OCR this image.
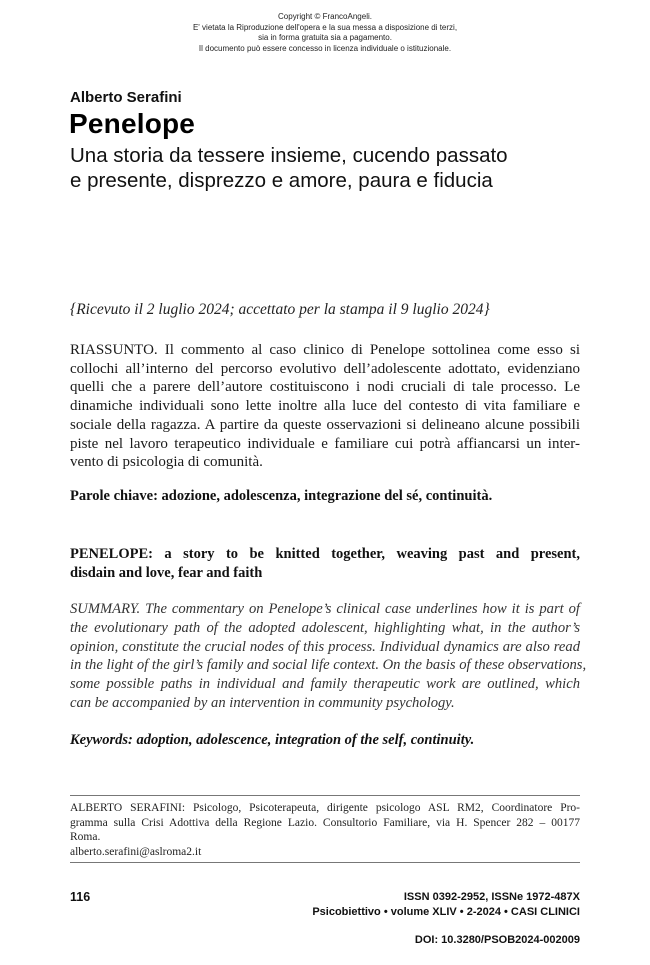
Copyright © FrancoAngeli.
E' vietata la Riproduzione dell'opera e la sua messa a disposizione di terzi,
sia in forma gratuita sia a pagamento.
Il documento può essere concesso in licenza individuale o istituzionale.
Alberto Serafini
Penelope
Una storia da tessere insieme, cucendo passato
e presente, disprezzo e amore, paura e fiducia
{Ricevuto il 2 luglio 2024; accettato per la stampa il 9 luglio 2024}
RIASSUNTO. Il commento al caso clinico di Penelope sottolinea come esso si
collochi all’interno del percorso evolutivo dell’adolescente adottato, evidenziano
quelli che a parere dell’autore costituiscono i nodi cruciali di tale processo. Le
dinamiche individuali sono lette inoltre alla luce del contesto di vita familiare e
sociale della ragazza. A partire da queste osservazioni si delineano alcune possibili
piste nel lavoro terapeutico individuale e familiare cui potrà affiancarsi un inter-
vento di psicologia di comunità.
Parole chiave: adozione, adolescenza, integrazione del sé, continuità.
PENELOPE: a story to be knitted together, weaving past and present,
disdain and love, fear and faith
SUMMARY. The commentary on Penelope’s clinical case underlines how it is part of
the evolutionary path of the adopted adolescent, highlighting what, in the author’s
opinion, constitute the crucial nodes of this process. Individual dynamics are also read
in the light of the girl’s family and social life context. On the basis of these observations,
some possible paths in individual and family therapeutic work are outlined, which
can be accompanied by an intervention in community psychology.
Keywords: adoption, adolescence, integration of the self, continuity.
ALBERTO SERAFINI: Psicologo, Psicoterapeuta, dirigente psicologo ASL RM2, Coordinatore Pro-
gramma sulla Crisi Adottiva della Regione Lazio. Consultorio Familiare, via H. Spencer 282 – 00177
Roma.
alberto.serafini@aslroma2.it
116	ISSN 0392-2952, ISSNe 1972-487X
Psicobiettivo • volume XLIV • 2-2024 • CASI CLINICI
DOI: 10.3280/PSOB2024-002009
